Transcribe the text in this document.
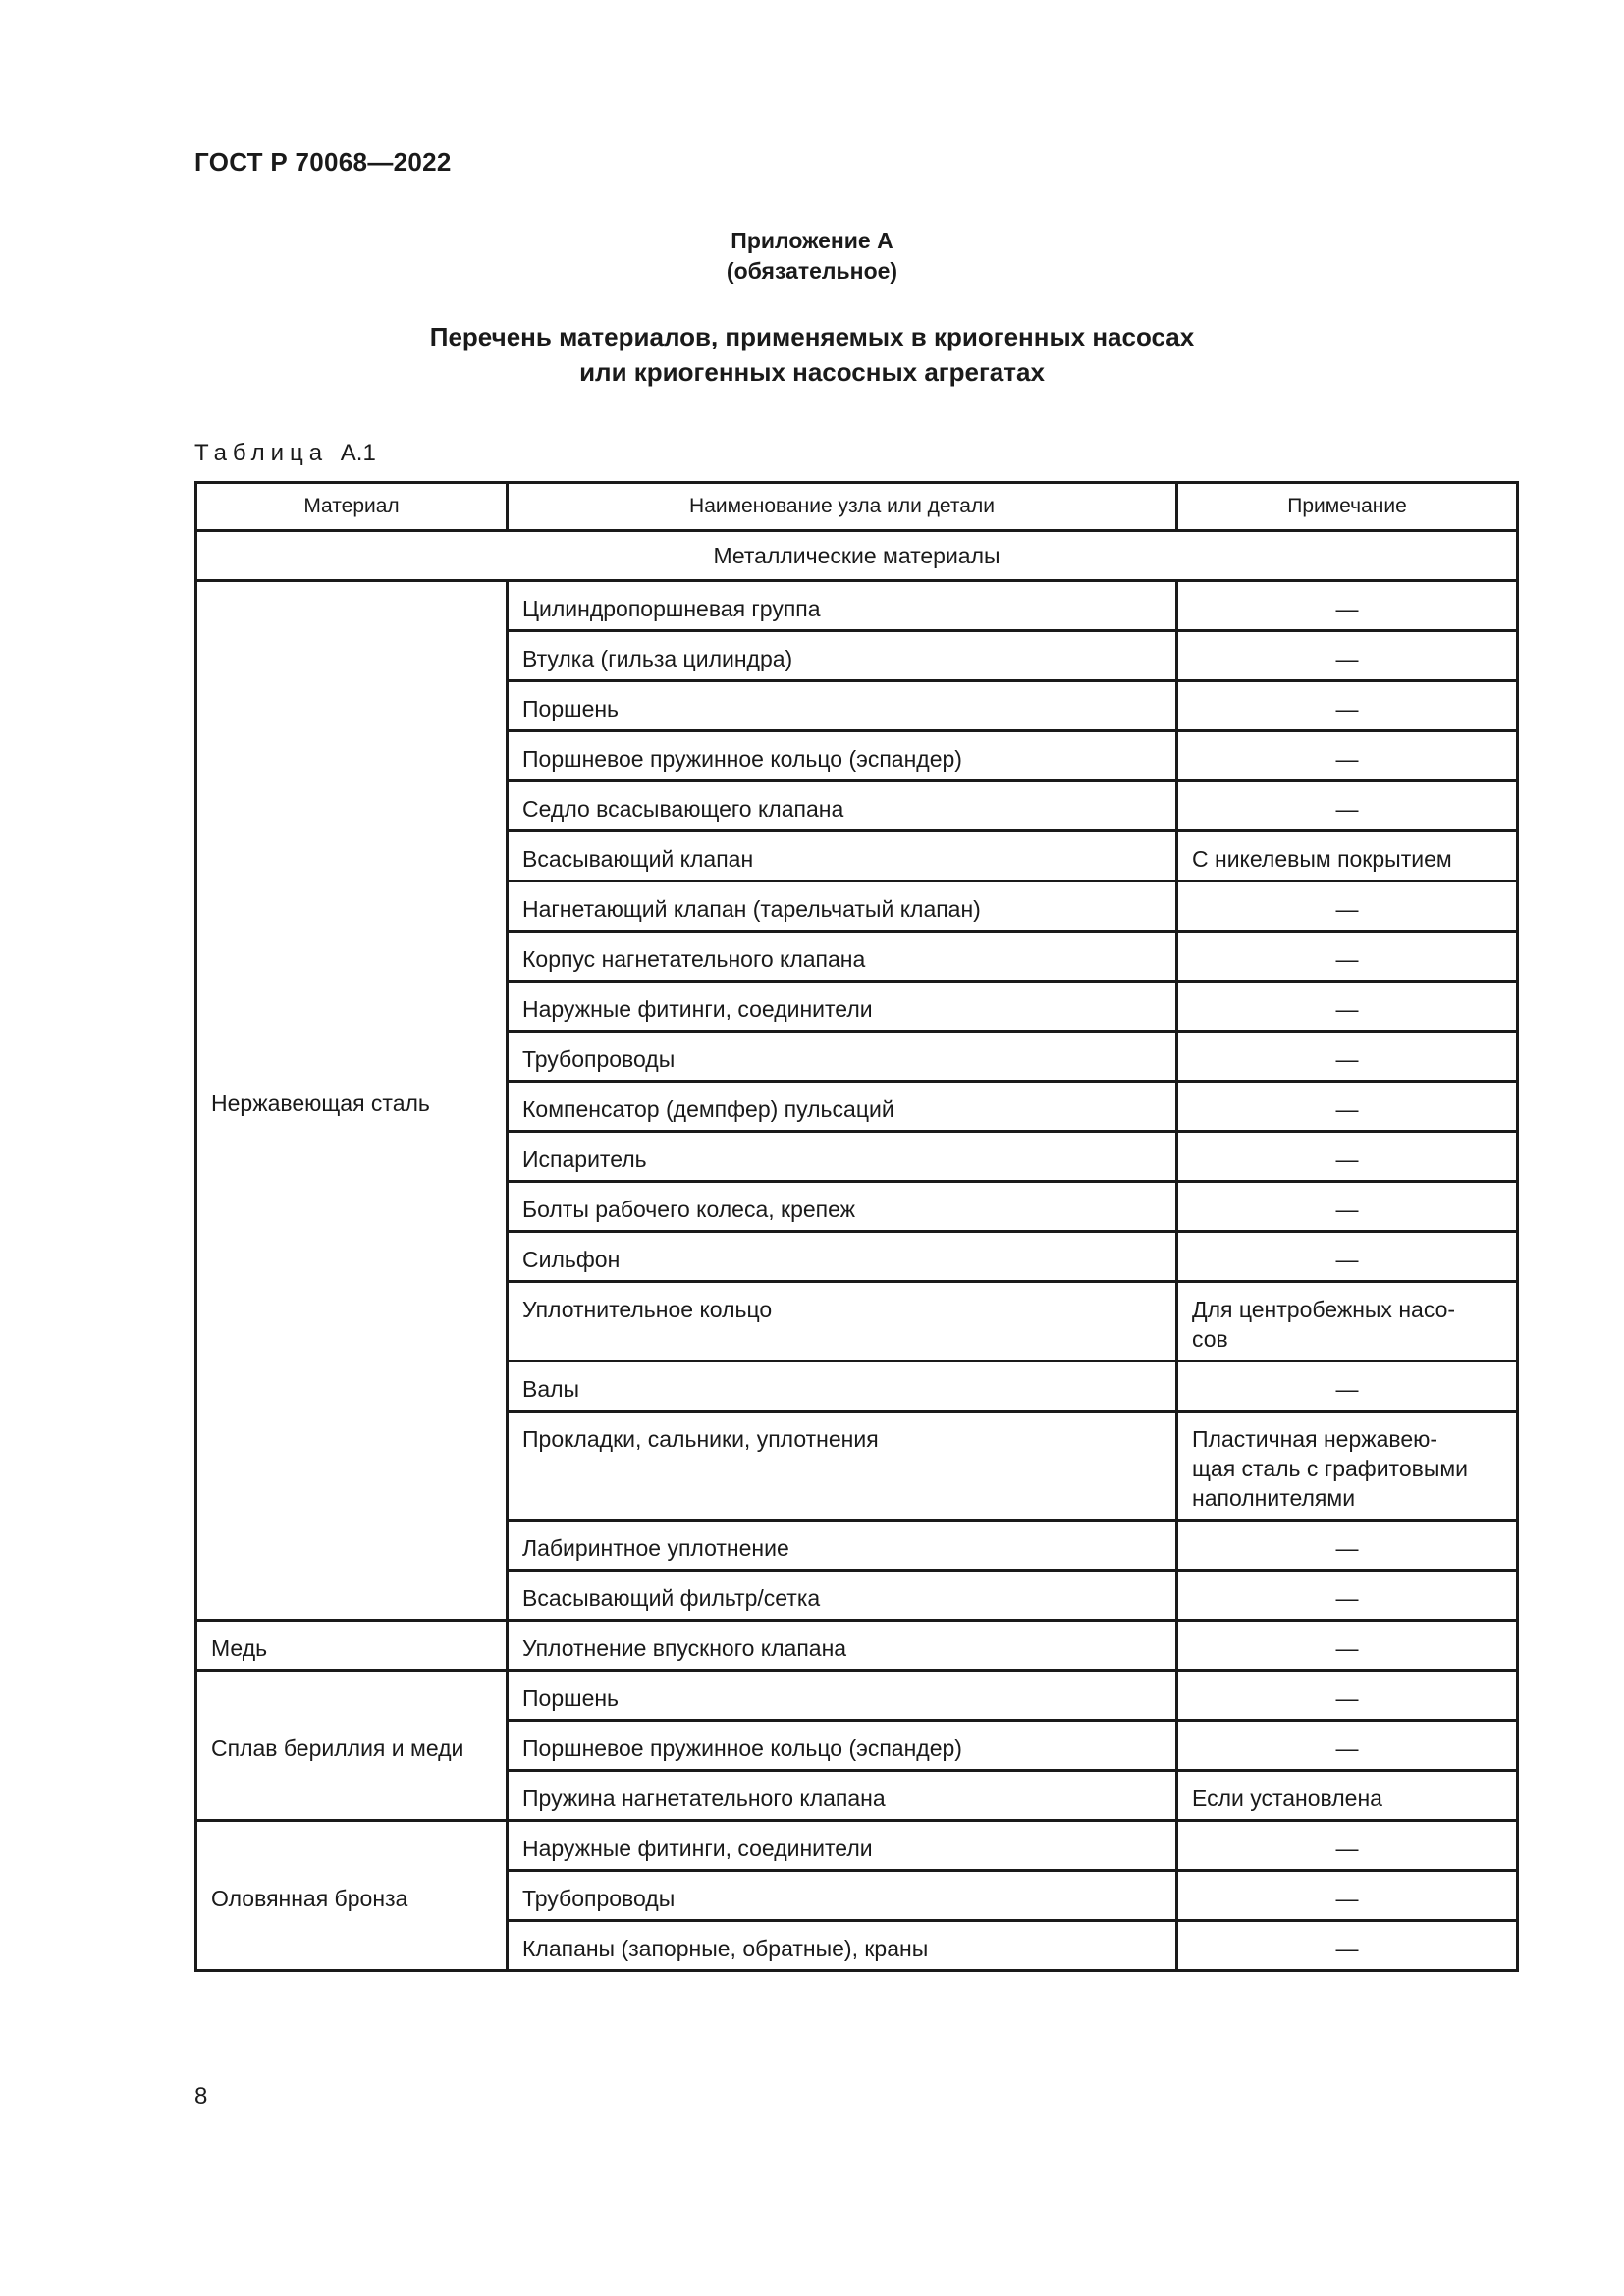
ГОСТ Р 70068—2022
Приложение А
(обязательное)
Перечень материалов, применяемых в криогенных насосах
или криогенных насосных агрегатах
Таблица А.1
Материал	Наименование узла или детали	Примечание
Металлические материалы		
Нержавеющая сталь	Цилиндропоршневая группа	—
	Втулка (гильза цилиндра)	—
	Поршень	—
	Поршневое пружинное кольцо (эспандер)	—
	Седло всасывающего клапана	—
	Всасывающий клапан	С никелевым покрытием
	Нагнетающий клапан (тарельчатый клапан)	—
	Корпус нагнетательного клапана	—
	Наружные фитинги, соединители	—
	Трубопроводы	—
	Компенсатор (демпфер) пульсаций	—
	Испаритель	—
	Болты рабочего колеса, крепеж	—
	Сильфон	—
	Уплотнительное кольцо	Для центробежных насо-
сов
	Валы	—
	Прокладки, сальники, уплотнения	Пластичная нержавею-
щая сталь с графитовыми
наполнителями
	Лабиринтное уплотнение	—
	Всасывающий фильтр/сетка	—
Медь	Уплотнение впускного клапана	—
Сплав бериллия и меди	Поршень	—
	Поршневое пружинное кольцо (эспандер)	—
	Пружина нагнетательного клапана	Если установлена
Оловянная бронза	Наружные фитинги, соединители	—
	Трубопроводы	—
	Клапаны (запорные, обратные), краны	—
8
